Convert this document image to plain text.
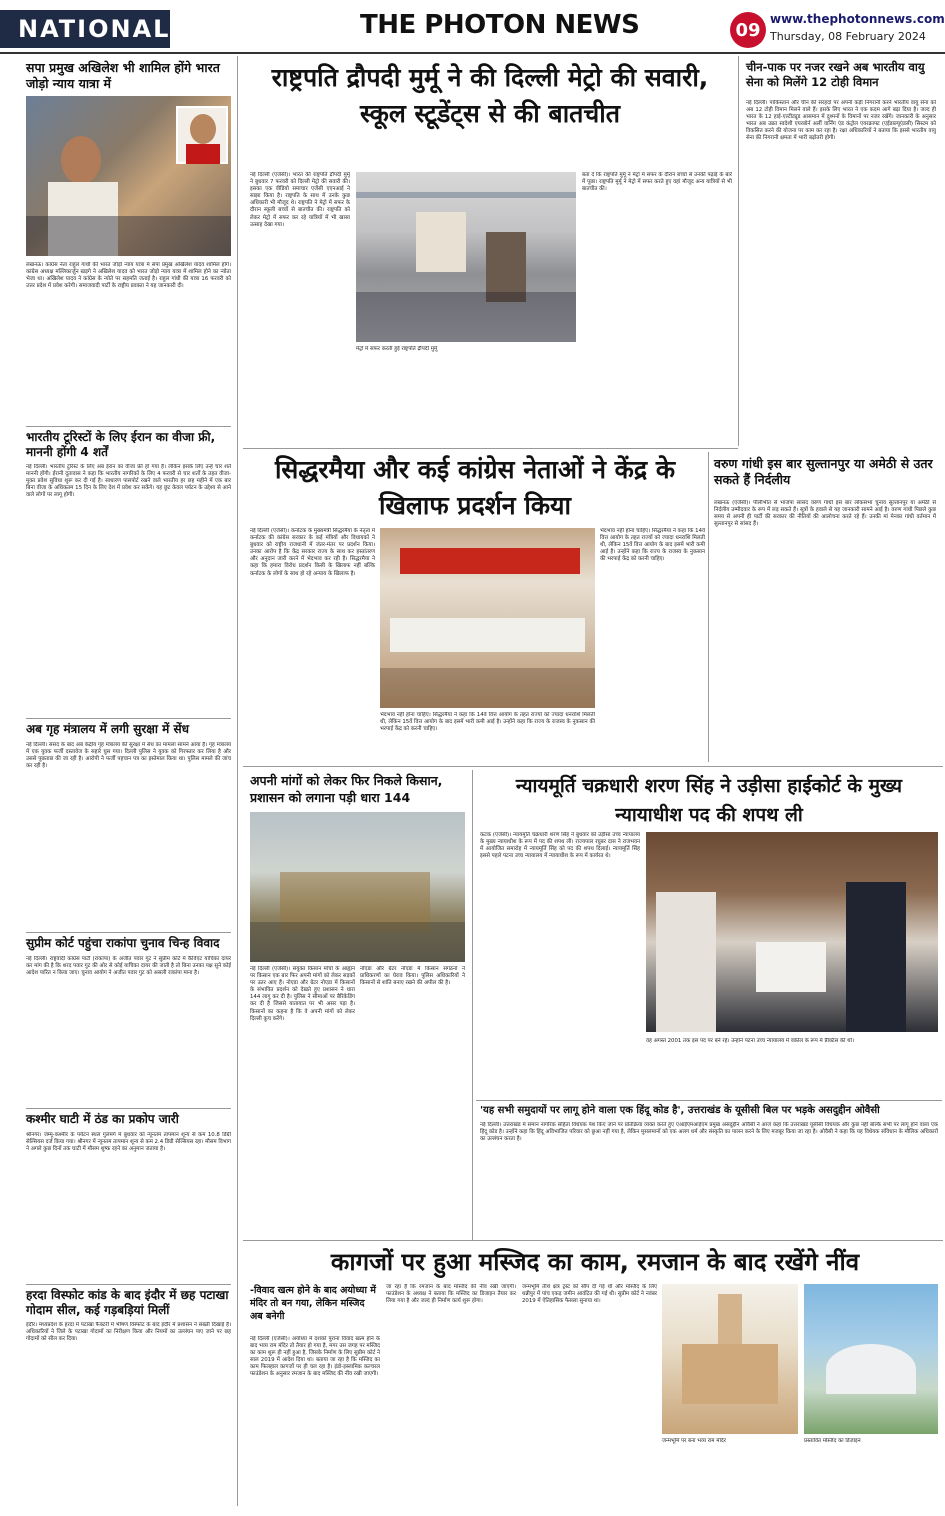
NATIONAL	THE PHOTON NEWS	09
www.thephotonnews.com
Thursday, 08 February 2024
सपा प्रमुख अखिलेश भी शामिल होंगे भारत जोड़ो न्याय यात्रा में
लखनऊ। कांग्रेस नेता राहुल गांधी की भारत जोड़ो न्याय यात्रा में सपा प्रमुख अखिलेश यादव शामिल होंगे। कांग्रेस अध्यक्ष मल्लिकार्जुन खड़गे ने अखिलेश यादव को भारत जोड़ो न्याय यात्रा में शामिल होने का न्योता भेजा था। अखिलेश यादव ने कांग्रेस के न्योते पर सहमति जताई है। राहुल गांधी की यात्रा 16 फरवरी को उत्तर प्रदेश में प्रवेश करेगी। समाजवादी पार्टी के राष्ट्रीय प्रवक्ता ने यह जानकारी दी।
भारतीय टूरिस्टों के लिए ईरान का वीजा फ्री, माननी होंगी 4 शर्तें
नई दिल्ली। भारतीय टूरिस्ट के लिए अब ईरान का वीजा फ्री हो गया है। लेकिन इसके लिए उन्हें चार शर्तें माननी होंगी। ईरानी दूतावास ने कहा कि भारतीय नागरिकों के लिए 4 फरवरी से चार शर्तों के तहत वीजा-मुक्त प्रवेश सुविधा शुरू कर दी गई है। साधारण पासपोर्ट रखने वाले भारतीय हर छह महीने में एक बार बिना वीजा के अधिकतम 15 दिन के लिए देश में प्रवेश कर सकेंगे। यह छूट केवल पर्यटन के उद्देश्य से आने वाले लोगों पर लागू होगी।
अब गृह मंत्रालय में लगी सुरक्षा में सेंध
नई दिल्ली। संसद के बाद अब केंद्रीय गृह मंत्रालय की सुरक्षा में सेंध का मामला सामने आया है। गृह मंत्रालय में एक युवक फर्जी दस्तावेज के सहारे घुस गया। दिल्ली पुलिस ने युवक को गिरफ्तार कर लिया है और उससे पूछताछ की जा रही है। आरोपी ने फर्जी पहचान पत्र का इस्तेमाल किया था। पुलिस मामले की जांच कर रही है।
सुप्रीम कोर्ट पहुंचा राकांपा चुनाव चिन्ह विवाद
नई दिल्ली। राष्ट्रवादी कांग्रेस पार्टी (राकांपा) के अजीत पवार गुट ने सुप्रीम कोर्ट में कैविएट याचिका दायर कर मांग की है कि शरद पवार गुट की ओर से कोई याचिका दायर की जाती है तो बिना उनका पक्ष सुने कोई आदेश पारित न किया जाए। चुनाव आयोग ने अजीत पवार गुट को असली राकांपा माना है।
कश्मीर घाटी में ठंड का प्रकोप जारी
श्रीनगर। जम्मू-कश्मीर के पर्यटन स्थल गुलमर्ग में बुधवार को न्यूनतम तापमान शून्य से कम 10.8 डिग्री सेल्सियस दर्ज किया गया। श्रीनगर में न्यूनतम तापमान शून्य से कम 2.4 डिग्री सेल्सियस रहा। मौसम विभाग ने अगले कुछ दिनों तक घाटी में मौसम शुष्क रहने का अनुमान जताया है।
हरदा विस्फोट कांड के बाद इंदौर में छह पटाखा गोदाम सील, कई गड़बड़ियां मिलीं
इंदौर। मध्यप्रदेश के हरदा में पटाखा फैक्टरी में भीषण विस्फोट के बाद इंदौर में प्रशासन ने सख्ती दिखाई है। अधिकारियों ने जिले के पटाखा गोदामों का निरीक्षण किया और नियमों का उल्लंघन पाए जाने पर छह गोदामों को सील कर दिया।
राष्ट्रपति द्रौपदी मुर्मू ने की दिल्ली मेट्रो की सवारी, स्कूल स्टूडेंट्स से की बातचीत
नई दिल्ली (एजेंसी)। भारत की राष्ट्रपति द्रौपदी मुर्मू ने बुधवार 7 फरवरी को दिल्ली मेट्रो की सवारी की। इसका एक वीडियो समाचार एजेंसी एएनआई ने साझा किया है। राष्ट्रपति के साथ में उनके कुछ अधिकारी भी मौजूद थे। राष्ट्रपति ने मेट्रो में सफर के दौरान स्कूली बच्चों से बातचीत की। राष्ट्रपति को लेकर मेट्रो में सफर कर रहे यात्रियों में भी खासा उत्साह देखा गया।
मेट्रो में सफर करती हुई राष्ट्रपति द्रौपदी मुर्मू
बता दें कि राष्ट्रपति मुर्मू ने मेट्रो में सफर के दौरान बच्चों से उनकी पढ़ाई के बारे में पूछा। राष्ट्रपति मुर्मू ने मेट्रो में सफर करते हुए वहां मौजूद अन्य यात्रियों से भी बातचीत की।
चीन-पाक पर नजर रखने अब भारतीय वायु सेना को मिलेंगे 12 टोही विमान
नई दिल्ली। पाकिस्तान और चीन की सरहदों पर अपनी कड़ी निगरानी करने भारतीय वायु सेना को अब 12 टोही विमान मिलने वाले हैं। इसके लिए भारत ने एक कदम आगे बढ़ा दिया है। जल्द ही भारत के 12 हाई-एल्टीट्यूड आसमान में दुश्मनों के विमानों पर नजर रखेंगे। जानकारी के अनुसार भारत अब उन्नत स्वदेशी एयरबोर्न अर्ली वार्निंग एंड कंट्रोल एयरक्राफ्ट (एईडब्ल्यूएंडसी) सिस्टम को विकसित करने की योजना पर काम कर रहा है। रक्षा अधिकारियों ने बताया कि इससे भारतीय वायु सेना की निगरानी क्षमता में भारी बढ़ोतरी होगी।
सिद्धरमैया और कई कांग्रेस नेताओं ने केंद्र के खिलाफ प्रदर्शन किया
नई दिल्ली (एजेंसी)। कर्नाटक के मुख्यमंत्री सिद्धरमैया के नेतृत्व में कर्नाटक की कांग्रेस सरकार के कई मंत्रियों और विधायकों ने बुधवार को राष्ट्रीय राजधानी में जंतर-मंतर पर प्रदर्शन किया। उनका आरोप है कि केंद्र सरकार राज्य के साथ कर हस्तांतरण और अनुदान जारी करने में भेदभाव कर रही है। सिद्धरमैया ने कहा कि हमारा विरोध प्रदर्शन किसी के खिलाफ नहीं बल्कि कर्नाटक के लोगों के साथ हो रहे अन्याय के खिलाफ है।
भेदभाव नहीं होना चाहिए। सिद्धरमैया ने कहा कि 14वें वित्त आयोग के तहत राज्यों को ज्यादा धनराशि मिलती थी, लेकिन 15वें वित्त आयोग के बाद इसमें भारी कमी आई है। उन्होंने कहा कि राज्य के राजस्व के नुकसान की भरपाई केंद्र को करनी चाहिए।
भेदभाव नहीं होना चाहिए। सिद्धरमैया ने कहा कि 14वें वित्त आयोग के तहत राज्यों को ज्यादा धनराशि मिलती थी, लेकिन 15वें वित्त आयोग के बाद इसमें भारी कमी आई है। उन्होंने कहा कि राज्य के राजस्व के नुकसान की भरपाई केंद्र को करनी चाहिए।
वरुण गांधी इस बार सुल्तानपुर या अमेठी से उतर सकते हैं निर्दलीय
लखनऊ (एजेंसी)। पीलीभीत से भाजपा सांसद वरुण गांधी इस बार लोकसभा चुनाव सुल्तानपुर या अमेठी से निर्दलीय उम्मीदवार के रूप में लड़ सकते हैं। सूत्रों के हवाले से यह जानकारी सामने आई है। वरुण गांधी पिछले कुछ समय से अपनी ही पार्टी की सरकार की नीतियों की आलोचना करते रहे हैं। उनकी मां मेनका गांधी वर्तमान में सुल्तानपुर से सांसद हैं।
अपनी मांगों को लेकर फिर निकले किसान, प्रशासन को लगाना पड़ी धारा 144
नई दिल्ली (एजेंसी)। संयुक्त किसान मोर्चा के आह्वान पर किसान एक बार फिर अपनी मांगों को लेकर सड़कों पर उतर आए हैं। नोएडा और ग्रेटर नोएडा में किसानों के संभावित प्रदर्शन को देखते हुए प्रशासन ने धारा 144 लागू कर दी है। पुलिस ने सीमाओं पर बैरिकेडिंग कर दी है जिससे यातायात पर भी असर पड़ा है। किसानों का कहना है कि वे अपनी मांगों को लेकर दिल्ली कूच करेंगे।
नोएडा और ग्रेटर नोएडा में किसान संगठनों ने प्राधिकरणों का घेराव किया। पुलिस अधिकारियों ने किसानों से शांति बनाए रखने की अपील की है।
न्यायमूर्ति चक्रधारी शरण सिंह ने उड़ीसा हाईकोर्ट के मुख्य न्यायाधीश पद की शपथ ली
कटक (एजेंसी)। न्यायमूर्ति चक्रधारी शरण सिंह ने बुधवार को उड़ीसा उच्च न्यायालय के मुख्य न्यायाधीश के रूप में पद की शपथ ली। राज्यपाल रघुबर दास ने राजभवन में आयोजित समारोह में न्यायमूर्ति सिंह को पद की शपथ दिलाई। न्यायमूर्ति सिंह इससे पहले पटना उच्च न्यायालय में न्यायाधीश के रूप में कार्यरत थे।
वह अगस्त 2001 तक इस पद पर बने रहे। उन्होंने पटना उच्च न्यायालय में वकील के रूप में प्रैक्टिस की थी।
'यह सभी समुदायों पर लागू होने वाला एक हिंदू कोड है', उत्तराखंड के यूसीसी बिल पर भड़के असदुद्दीन ओवैसी
नई दिल्ली। उत्तराखंड में समान नागरिक संहिता विधेयक पेश किए जाने पर प्रतिक्रिया व्यक्त करते हुए एआईएमआईएम प्रमुख असदुद्दीन ओवैसी ने आज कहा कि उत्तराखंड यूसीसी विधेयक और कुछ नहीं बल्कि सभी पर लागू होने वाला एक हिंदू कोड है। उन्होंने कहा कि हिंदू अविभाजित परिवार को छुआ नहीं गया है, लेकिन मुसलमानों को एक अलग धर्म और संस्कृति का पालन करने के लिए मजबूर किया जा रहा है। ओवैसी ने कहा कि यह विधेयक संविधान के मौलिक अधिकारों का उल्लंघन करता है।
कागजों पर हुआ मस्जिद का काम, रमजान के बाद रखेंगे नींव
-विवाद खत्म होने के बाद अयोध्या में मंदिर तो बन गया, लेकिन मस्जिद अब बनेगी
नई दिल्ली (एजेंसी)। अयोध्या में दशकों पुराना विवाद खत्म होने के बाद भव्य राम मंदिर तो तैयार हो गया है, मगर उस जगह पर मस्जिद का काम शुरू ही नहीं हुआ है, जिसके निर्माण के लिए सुप्रीम कोर्ट ने साल 2019 में आदेश दिया था। बताया जा रहा है कि मस्जिद का काम फिलहाल कागजों पर ही चल रहा है। इंडो-इस्लामिक कल्चरल फाउंडेशन के अनुसार रमजान के बाद मस्जिद की नींव रखी जाएगी।
जा रहा है कि रमजान के बाद मस्जिद की नींव रखी जाएगी। फाउंडेशन के अध्यक्ष ने बताया कि मस्जिद का डिजाइन तैयार कर लिया गया है और जल्द ही निर्माण कार्य शुरू होगा।
जन्मभूमि तीर्थ क्षेत्र ट्रस्ट को सौंप दी गई थी और मस्जिद के लिए धन्नीपुर में पांच एकड़ जमीन आवंटित की गई थी। सुप्रीम कोर्ट ने नवंबर 2019 में ऐतिहासिक फैसला सुनाया था।
जन्मभूमि पर बना भव्य राम मंदिर	प्रस्तावित मस्जिद का डिजाइन
